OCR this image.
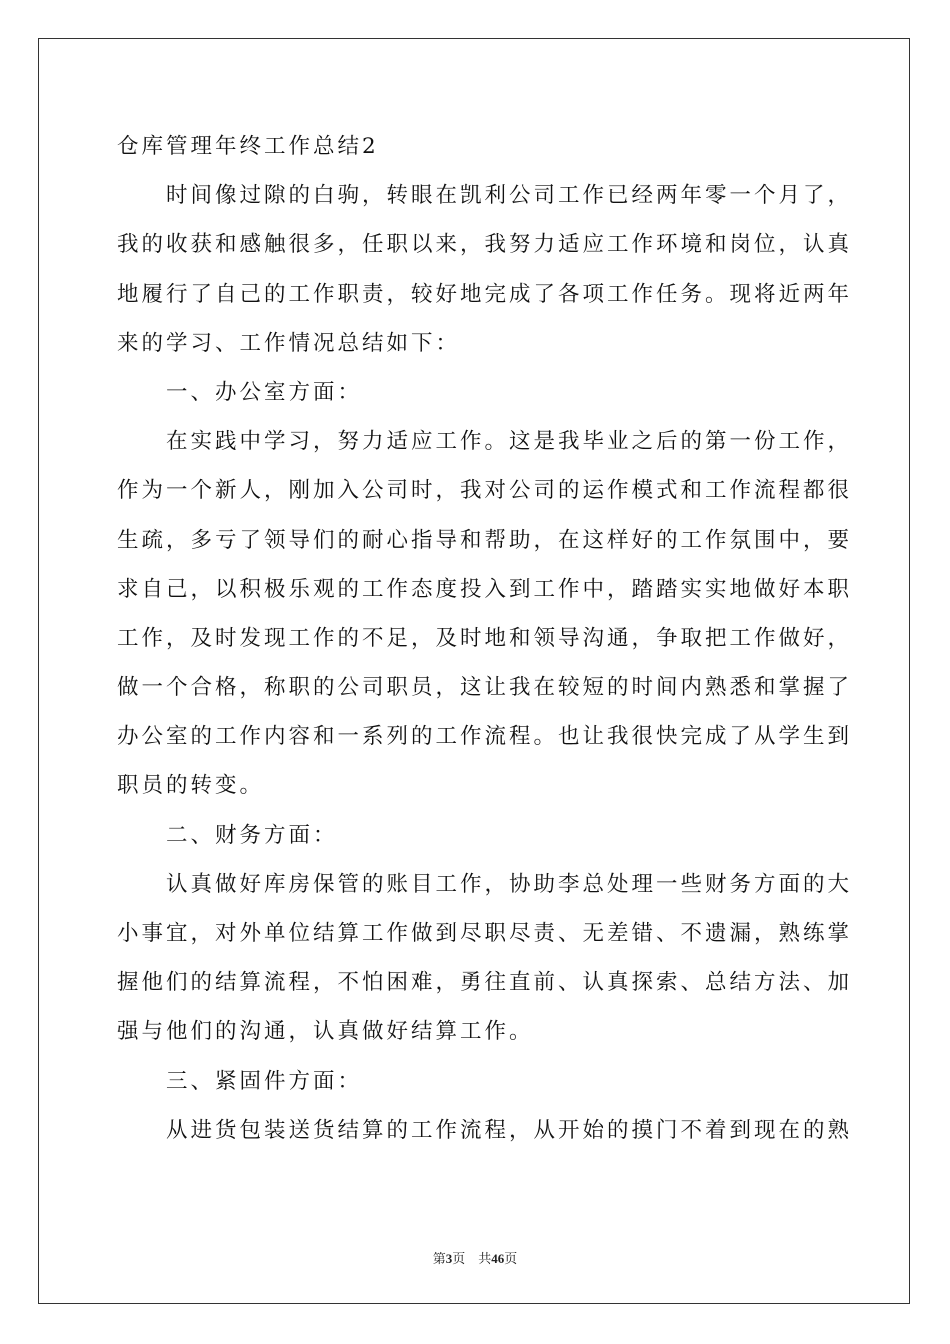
仓库管理年终工作总结2
时间像过隙的白驹，转眼在凯利公司工作已经两年零一个月了，
我的收获和感触很多，任职以来，我努力适应工作环境和岗位，认真
地履行了自己的工作职责，较好地完成了各项工作任务。现将近两年
来的学习、工作情况总结如下：
一、办公室方面：
在实践中学习，努力适应工作。这是我毕业之后的第一份工作，
作为一个新人，刚加入公司时，我对公司的运作模式和工作流程都很
生疏，多亏了领导们的耐心指导和帮助，在这样好的工作氛围中，要
求自己，以积极乐观的工作态度投入到工作中，踏踏实实地做好本职
工作，及时发现工作的不足，及时地和领导沟通，争取把工作做好，
做一个合格，称职的公司职员，这让我在较短的时间内熟悉和掌握了
办公室的工作内容和一系列的工作流程。也让我很快完成了从学生到
职员的转变。
二、财务方面：
认真做好库房保管的账目工作，协助李总处理一些财务方面的大
小事宜，对外单位结算工作做到尽职尽责、无差错、不遗漏，熟练掌
握他们的结算流程，不怕困难，勇往直前、认真探索、总结方法、加
强与他们的沟通，认真做好结算工作。
三、紧固件方面：
从进货包装送货结算的工作流程，从开始的摸门不着到现在的熟
第3页 共46页
